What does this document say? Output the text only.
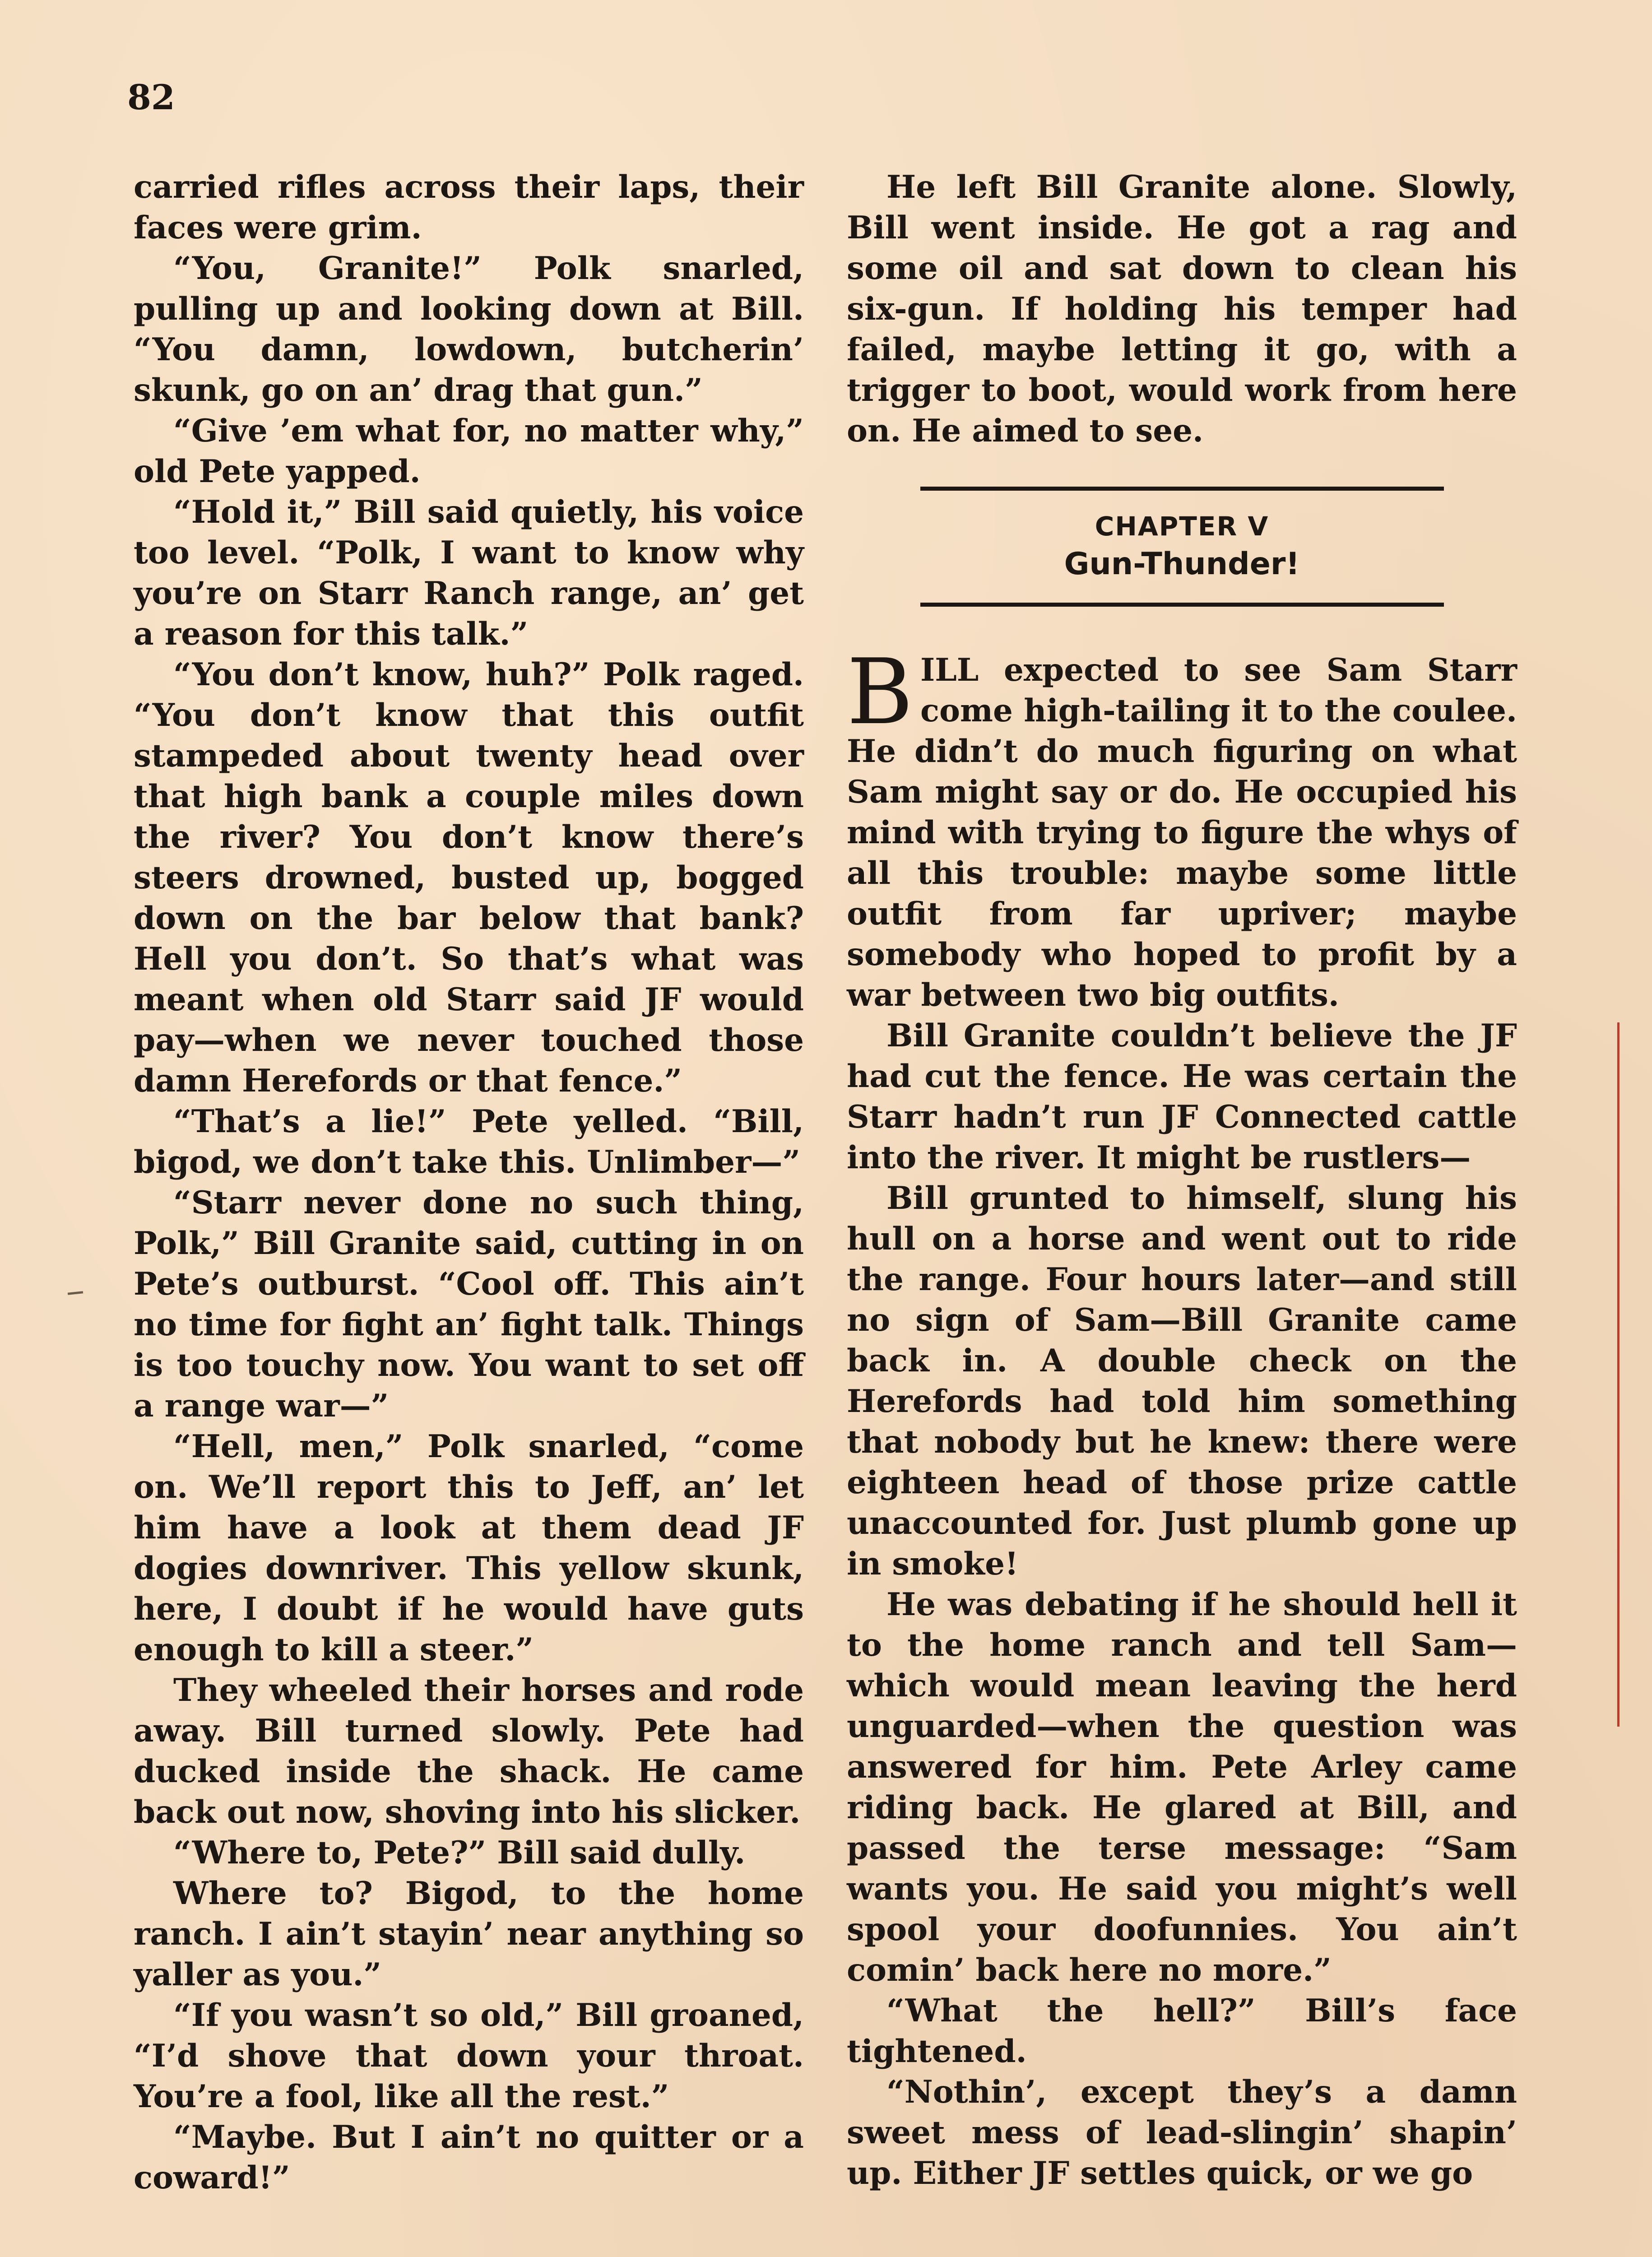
82

carried rifles across their laps, their faces were grim.

“You, Granite!” Polk snarled, pulling up and looking down at Bill. “You damn, lowdown, butcherin’ skunk, go on an’ drag that gun.”

“Give ’em what for, no matter why,” old Pete yapped.

“Hold it,” Bill said quietly, his voice too level. “Polk, I want to know why you’re on Starr Ranch range, an’ get a reason for this talk.”

“You don’t know, huh?” Polk raged. “You don’t know that this outfit stampeded about twenty head over that high bank a couple miles down the river? You don’t know there’s steers drowned, busted up, bogged down on the bar below that bank? Hell you don’t. So that’s what was meant when old Starr said JF would pay—when we never touched those damn Herefords or that fence.”

“That’s a lie!” Pete yelled. “Bill, bigod, we don’t take this. Unlimber—”

“Starr never done no such thing, Polk,” Bill Granite said, cutting in on Pete’s outburst. “Cool off. This ain’t no time for fight an’ fight talk. Things is too touchy now. You want to set off a range war—”

“Hell, men,” Polk snarled, “come on. We’ll report this to Jeff, an’ let him have a look at them dead JF dogies downriver. This yellow skunk, here, I doubt if he would have guts enough to kill a steer.”

They wheeled their horses and rode away. Bill turned slowly. Pete had ducked inside the shack. He came back out now, shoving into his slicker.

“Where to, Pete?” Bill said dully.

Where to? Bigod, to the home ranch. I ain’t stayin’ near anything so yaller as you.”

“If you wasn’t so old,” Bill groaned, “I’d shove that down your throat. You’re a fool, like all the rest.”

“Maybe. But I ain’t no quitter or a coward!”

He left Bill Granite alone. Slowly, Bill went inside. He got a rag and some oil and sat down to clean his six-gun. If holding his temper had failed, maybe letting it go, with a trigger to boot, would work from here on. He aimed to see.

CHAPTER V
Gun-Thunder!

BILL expected to see Sam Starr come high-tailing it to the coulee. He didn’t do much figuring on what Sam might say or do. He occupied his mind with trying to figure the whys of all this trouble: maybe some little outfit from far upriver; maybe somebody who hoped to profit by a war between two big outfits.

Bill Granite couldn’t believe the JF had cut the fence. He was certain the Starr hadn’t run JF Connected cattle into the river. It might be rustlers—

Bill grunted to himself, slung his hull on a horse and went out to ride the range. Four hours later—and still no sign of Sam—Bill Granite came back in. A double check on the Herefords had told him something that nobody but he knew: there were eighteen head of those prize cattle unaccounted for. Just plumb gone up in smoke!

He was debating if he should hell it to the home ranch and tell Sam—which would mean leaving the herd unguarded—when the question was answered for him. Pete Arley came riding back. He glared at Bill, and passed the terse message: “Sam wants you. He said you might’s well spool your doofunnies. You ain’t comin’ back here no more.”

“What the hell?” Bill’s face tightened.

“Nothin’, except they’s a damn sweet mess of lead-slingin’ shapin’ up. Either JF settles quick, or we go
